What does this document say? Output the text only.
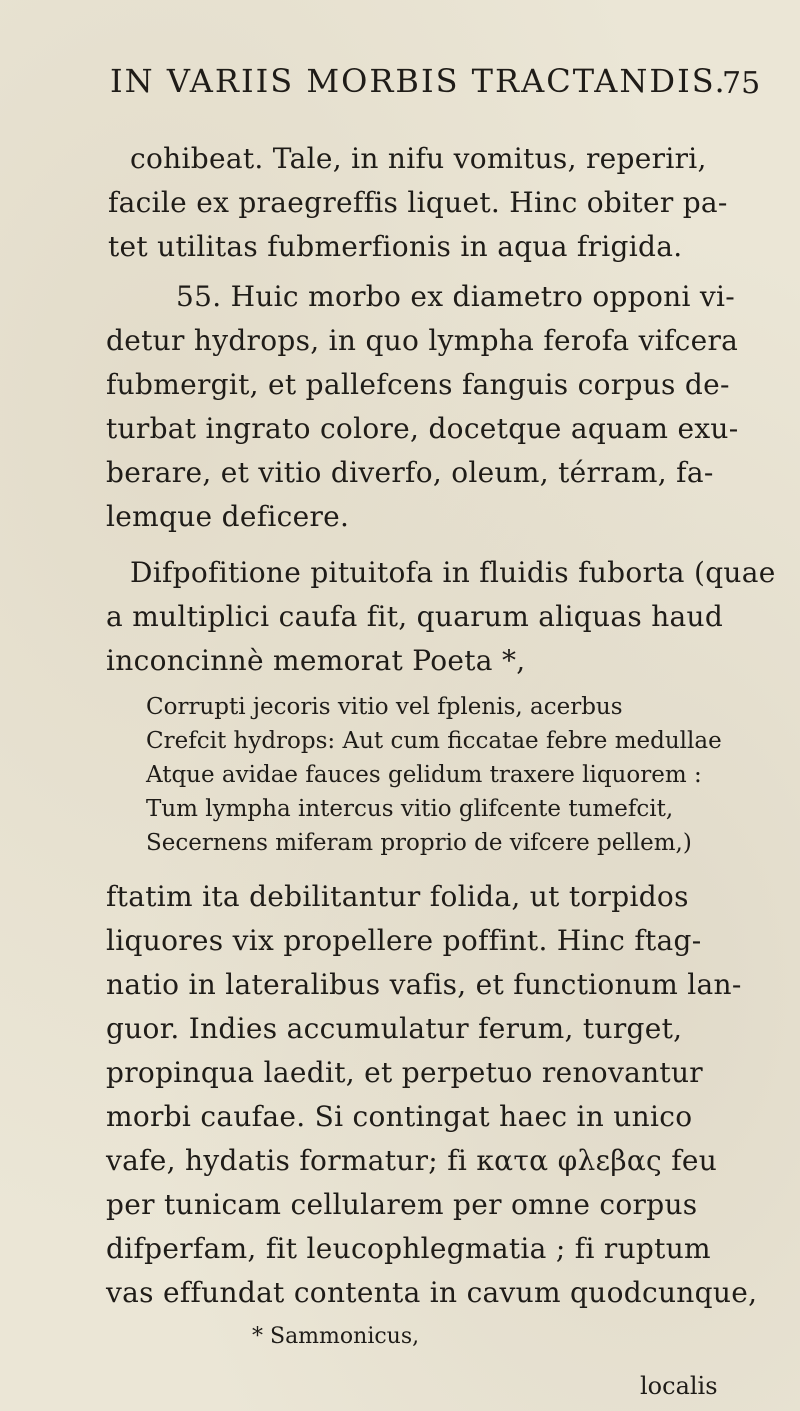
IN VARIIS MORBIS TRACTANDIS.
75
cohibeat. Tale, in nifu vomitus, reperiri,
facile ex praegreffis liquet. Hinc obiter pa-
tet utilitas fubmerfionis in aqua frigida.
55. Huic morbo ex diametro opponi vi-
detur hydrops, in quo lympha ferofa vifcera
fubmergit, et pallefcens fanguis corpus de-
turbat ingrato colore, docetque aquam exu-
berare, et vitio diverfo, oleum, térram, fa-
lemque deficere.
Difpofitione pituitofa in fluidis fuborta (quae
a multiplici caufa fit, quarum aliquas haud
inconcinnè memorat Poeta *,
Corrupti jecoris vitio vel fplenis, acerbus
Crefcit hydrops: Aut cum ficcatae febre medullae
Atque avidae fauces gelidum traxere liquorem :
Tum lympha intercus vitio glifcente tumefcit,
Secernens miferam proprio de vifcere pellem,)
ftatim ita debilitantur folida, ut torpidos
liquores vix propellere poffint. Hinc ftag-
natio in lateralibus vafis, et functionum lan-
guor. Indies accumulatur ferum, turget,
propinqua laedit, et perpetuo renovantur
morbi caufae. Si contingat haec in unico
vafe, hydatis formatur; fi κατα φλεβας feu
per tunicam cellularem per omne corpus
difperfam, fit leucophlegmatia ; fi ruptum
vas effundat contenta in cavum quodcunque,
* Sammonicus,
localis
